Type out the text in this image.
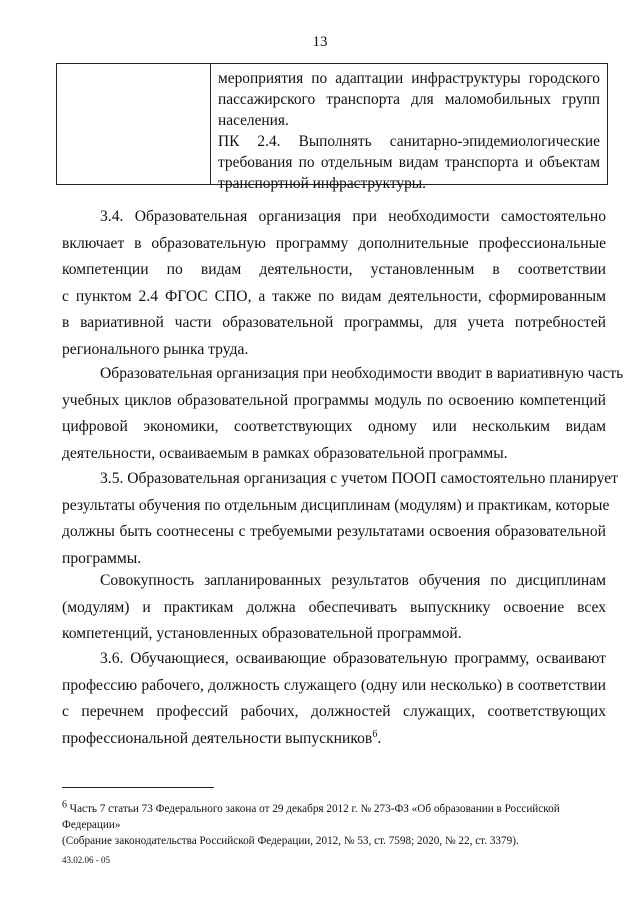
13
мероприятия по адаптации инфраструктуры городского
пассажирского транспорта для маломобильных групп
населения.
ПК 2.4. Выполнять санитарно-эпидемиологические
требования по отдельным видам транспорта и объектам
транспортной инфраструктуры.
3.4. Образовательная организация при необходимости самостоятельно
включает в образовательную программу дополнительные профессиональные
компетенции по видам деятельности, установленным в соответствии
с пунктом 2.4 ФГОС СПО, а также по видам деятельности, сформированным
в вариативной части образовательной программы, для учета потребностей
регионального рынка труда.
Образовательная организация при необходимости вводит в вариативную часть
учебных циклов образовательной программы модуль по освоению компетенций
цифровой экономики, соответствующих одному или нескольким видам
деятельности, осваиваемым в рамках образовательной программы.
3.5. Образовательная организация с учетом ПООП самостоятельно планирует
результаты обучения по отдельным дисциплинам (модулям) и практикам, которые
должны быть соотнесены с требуемыми результатами освоения образовательной
программы.
Совокупность запланированных результатов обучения по дисциплинам
(модулям) и практикам должна обеспечивать выпускнику освоение всех
компетенций, установленных образовательной программой.
3.6. Обучающиеся, осваивающие образовательную программу, осваивают
профессию рабочего, должность служащего (одну или несколько) в соответствии
с перечнем профессий рабочих, должностей служащих, соответствующих
профессиональной деятельности выпускников$^6$.
$^6$ Часть 7 статьи 73 Федерального закона от 29 декабря 2012 г. № 273-ФЗ «Об образовании в Российской Федерации»
(Собрание законодательства Российской Федерации, 2012, № 53, ст. 7598; 2020, № 22, ст. 3379).
43.02.06 - 05
